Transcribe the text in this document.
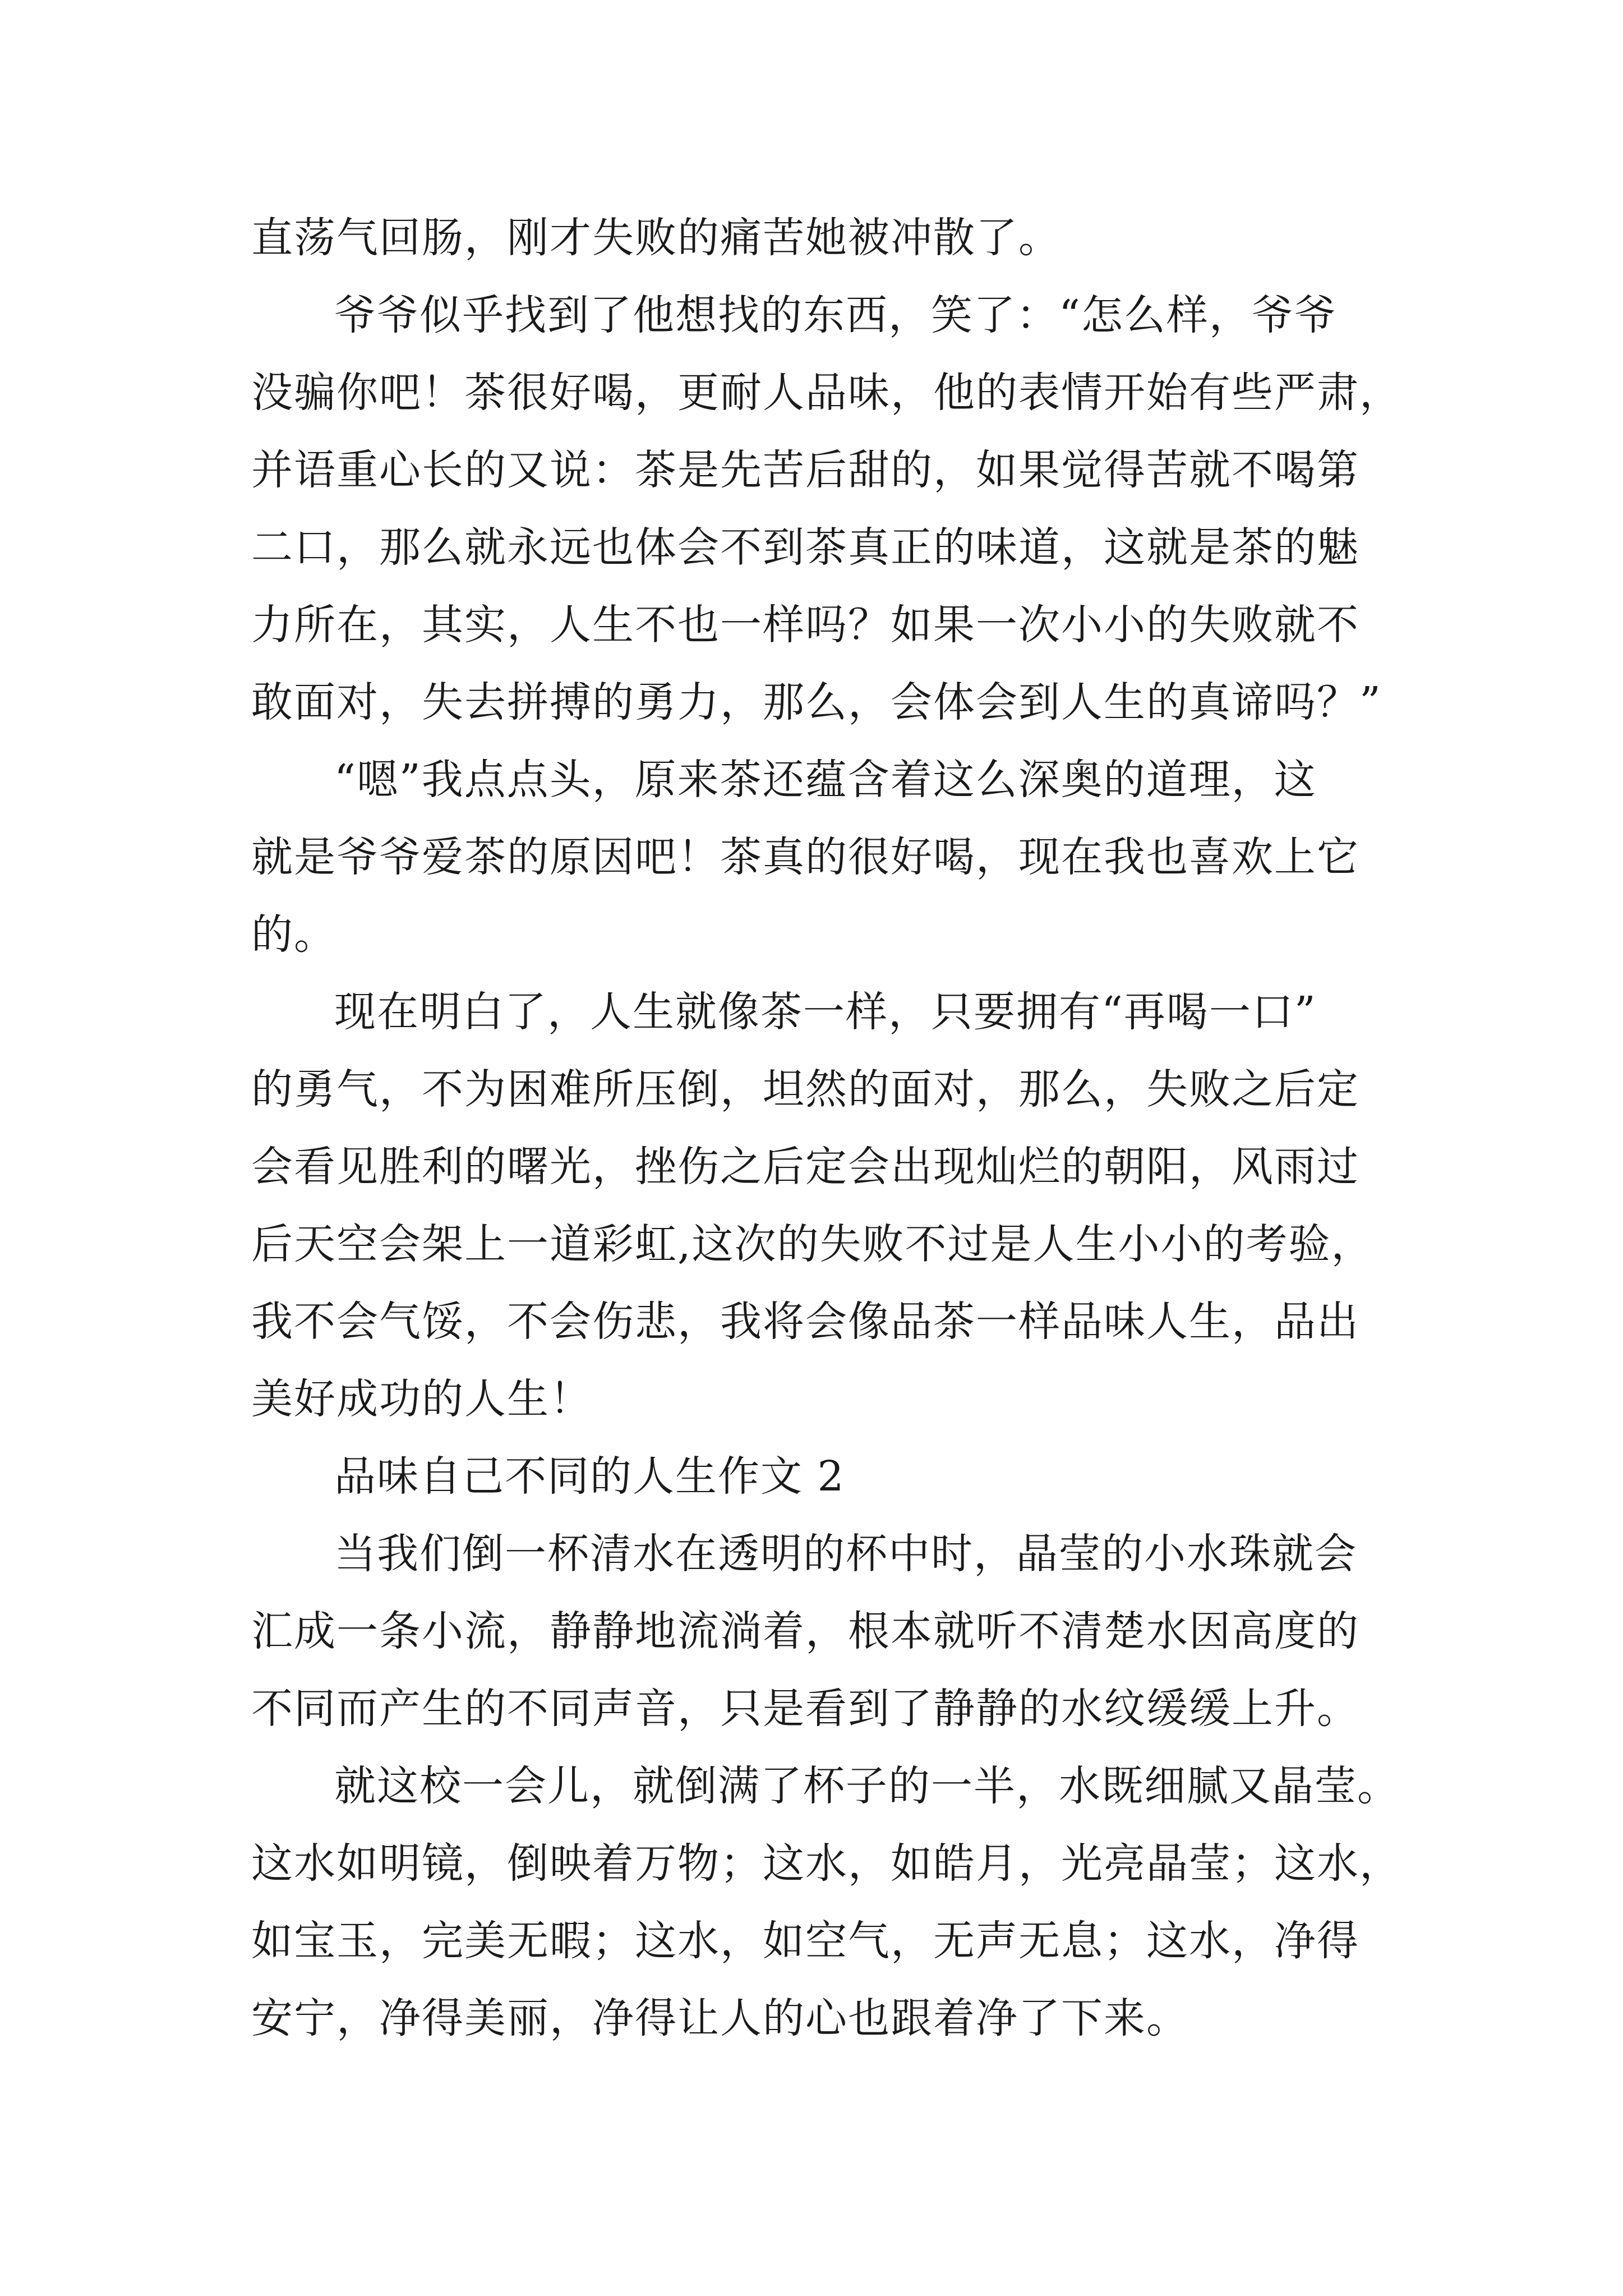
直荡气回肠，刚才失败的痛苦她被冲散了。
爷爷似乎找到了他想找的东西，笑了：“怎么样，爷爷
没骗你吧！茶很好喝，更耐人品味，他的表情开始有些严肃，
并语重心长的又说：茶是先苦后甜的，如果觉得苦就不喝第
二口，那么就永远也体会不到茶真正的味道，这就是茶的魅
力所在，其实，人生不也一样吗？如果一次小小的失败就不
敢面对，失去拼搏的勇力，那么，会体会到人生的真谛吗？”
“嗯”我点点头，原来茶还蕴含着这么深奥的道理，这
就是爷爷爱茶的原因吧！茶真的很好喝，现在我也喜欢上它
的。
现在明白了，人生就像茶一样，只要拥有“再喝一口”
的勇气，不为困难所压倒，坦然的面对，那么，失败之后定
会看见胜利的曙光，挫伤之后定会出现灿烂的朝阳，风雨过
后天空会架上一道彩虹,这次的失败不过是人生小小的考验，
我不会气馁，不会伤悲，我将会像品茶一样品味人生，品出
美好成功的人生！
品味自己不同的人生作文 2
当我们倒一杯清水在透明的杯中时，晶莹的小水珠就会
汇成一条小流，静静地流淌着，根本就听不清楚水因高度的
不同而产生的不同声音，只是看到了静静的水纹缓缓上升。
就这校一会儿，就倒满了杯子的一半，水既细腻又晶莹。
这水如明镜，倒映着万物；这水，如皓月，光亮晶莹；这水，
如宝玉，完美无暇；这水，如空气，无声无息；这水，净得
安宁，净得美丽，净得让人的心也跟着净了下来。
